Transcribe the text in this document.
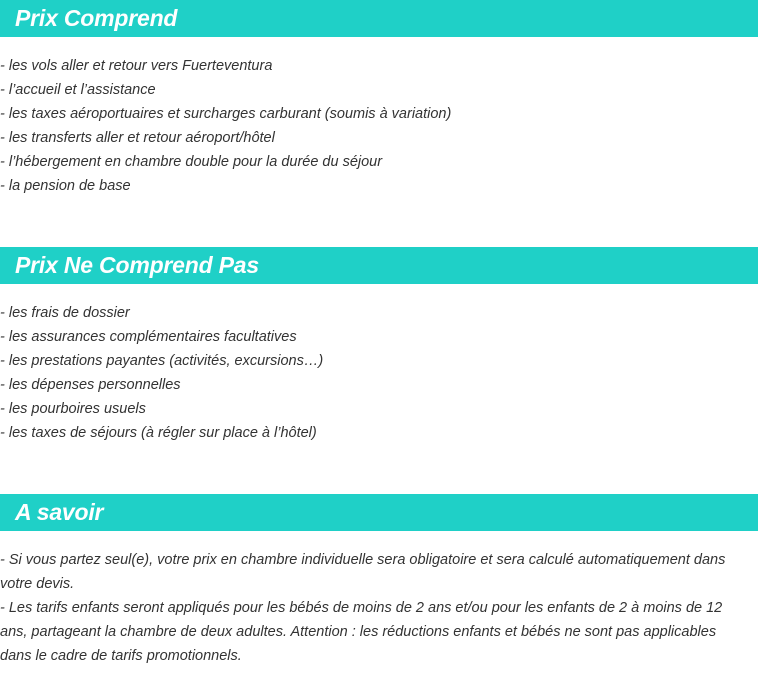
Prix Comprend
- les vols aller et retour vers Fuerteventura
- l’accueil et l’assistance
- les taxes aéroportuaires et surcharges carburant (soumis à variation)
- les transferts aller et retour aéroport/hôtel
- l’hébergement en chambre double pour la durée du séjour
- la pension de base
Prix Ne Comprend Pas
- les frais de dossier
- les assurances complémentaires facultatives
- les prestations payantes (activités, excursions…)
- les dépenses personnelles
- les pourboires usuels
- les taxes de séjours (à régler sur place à l’hôtel)
A savoir

- Si vous partez seul(e), votre prix en chambre individuelle sera obligatoire et sera calculé automatiquement dans votre devis.

- Les tarifs enfants seront appliqués pour les bébés de moins de 2 ans et/ou pour les enfants de 2 à moins de 12 ans, partageant la chambre de deux adultes. Attention : les réductions enfants et bébés ne sont pas applicables dans le cadre de tarifs promotionnels.
